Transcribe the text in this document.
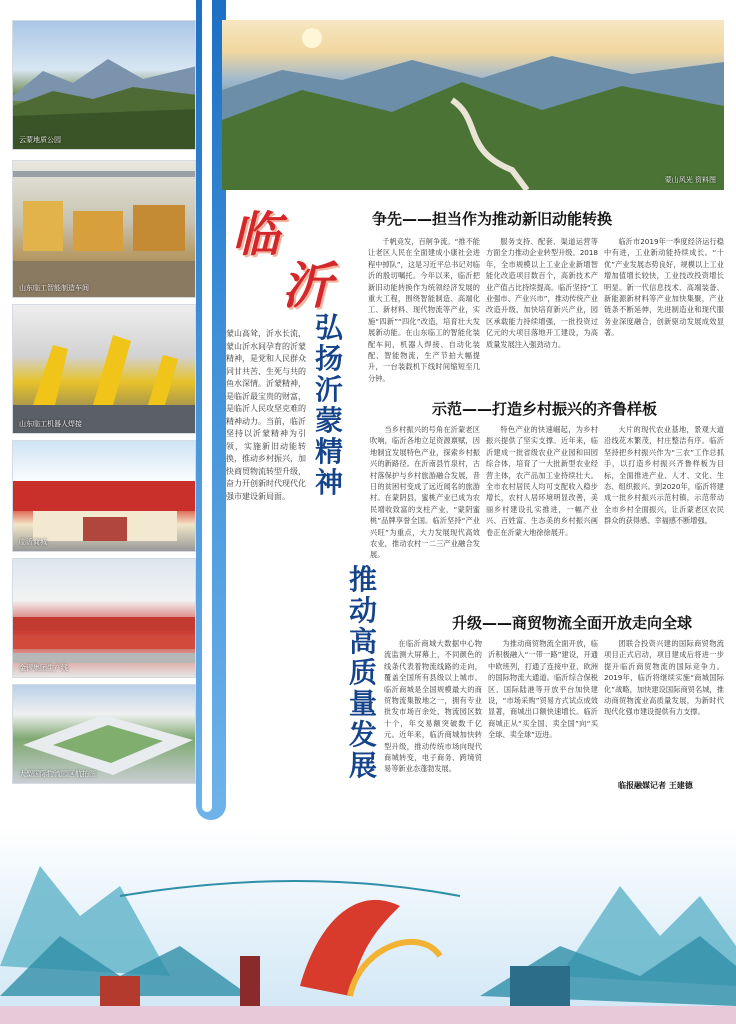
云蒙地质公园
山东临工智能制造车间
山东临工机器人焊接
临沂商城
金锣集团生产线
大型国际物流园区航拍图
蒙山风光 资料图
临
沂
弘扬沂蒙精神
推动高质量发展
蒙山高耸，沂水长流，蒙山沂水间孕育的沂蒙精神，是党和人民群众同甘共苦、生死与共的鱼水深情。沂蒙精神，是临沂最宝贵的财富，是临沂人民攻坚克难的精神动力。当前，临沂坚持以沂蒙精神为引领，实施新旧动能转换，推动乡村振兴，加快商贸物流转型升级，奋力开创新时代现代化强市建设新局面。
争先——担当作为推动新旧动能转换

千帆竞发，百舸争流。“推不能让老区人民在全面建成小康社会进程中掉队”，这是习近平总书记对临沂的殷切嘱托。今年以来，临沂把新旧动能转换作为统领经济发展的重大工程，围绕智能制造、高端化工、新材料、现代物流等产业，实施“四新”“四化”改造，培育壮大发展新动能。在山东临工的智能化装配车间，机器人焊接、自动化装配、智能物流，生产节拍大幅提升，一台装载机下线时间缩短至几分钟。

服务支持、配套、渠道运营等方面全力推动企业转型升级。2018年，全市规模以上工业企业新增智能化改造项目数百个，高新技术产业产值占比持续提高。临沂坚持“工业强市、产业兴市”，推动传统产业改造升级，加快培育新兴产业，园区承载能力持续增强，一批投资过亿元的大项目落地开工建设，为高质量发展注入强劲动力。

临沂市2019年一季度经济运行稳中有进，工业新动能持续成长。“十优”产业发展态势良好，规模以上工业增加值增长较快，工业技改投资增长明显。新一代信息技术、高端装备、新能源新材料等产业加快集聚，产业链条不断延伸，先进制造业和现代服务业深度融合，创新驱动发展成效显著。

示范——打造乡村振兴的齐鲁样板

当乡村振兴的号角在沂蒙老区吹响，临沂各地立足资源禀赋，因地制宜发展特色产业，探索乡村振兴的新路径。在沂南县竹泉村，古村落保护与乡村旅游融合发展，昔日的贫困村变成了远近闻名的旅游村。在蒙阴县，蜜桃产业已成为农民增收致富的支柱产业，“蒙阴蜜桃”品牌享誉全国。临沂坚持“产业兴旺”为重点，大力发展现代高效农业，推动农村一二三产业融合发展。

特色产业的快速崛起，为乡村振兴提供了坚实支撑。近年来，临沂建成一批省级农业产业园和田园综合体，培育了一大批新型农业经营主体，农产品加工业持续壮大。全市农村居民人均可支配收入稳步增长，农村人居环境明显改善，美丽乡村建设扎实推进，一幅产业兴、百姓富、生态美的乡村振兴画卷正在沂蒙大地徐徐展开。

大片的现代农业基地，景观大道沿线花木繁茂，村庄整洁有序。临沂坚持把乡村振兴作为“三农”工作总抓手，以打造乡村振兴齐鲁样板为目标，全面推进产业、人才、文化、生态、组织振兴。到2020年，临沂将建成一批乡村振兴示范村镇，示范带动全市乡村全面振兴，让沂蒙老区农民群众的获得感、幸福感不断增强。

升级——商贸物流全面开放走向全球

在临沂商城大数据中心物流监测大屏幕上，不同颜色的线条代表着物流线路的走向，覆盖全国所有县级以上城市。临沂商城是全国规模最大的商贸物流集散地之一，拥有专业批发市场百余处，物流园区数十个，年交易额突破数千亿元。近年来，临沂商城加快转型升级，推动传统市场向现代商城转变，电子商务、跨境贸易等新业态蓬勃发展。

为推动商贸物流全面开放，临沂积极融入“一带一路”建设，开通中欧班列，打通了连接中亚、欧洲的国际物流大通道。临沂综合保税区、国际陆港等开放平台加快建设，“市场采购”贸易方式试点成效显著，商城出口额快速增长。临沂商城正从“买全国、卖全国”向“买全球、卖全球”迈进。

团联合投资兴建的国际商贸物流项目正式启动，项目建成后将进一步提升临沂商贸物流的国际竞争力。2019年，临沂将继续实施“商城国际化”战略，加快建设国际商贸名城，推动商贸物流业高质量发展，为新时代现代化强市建设提供有力支撑。

临报融媒记者 王建德
